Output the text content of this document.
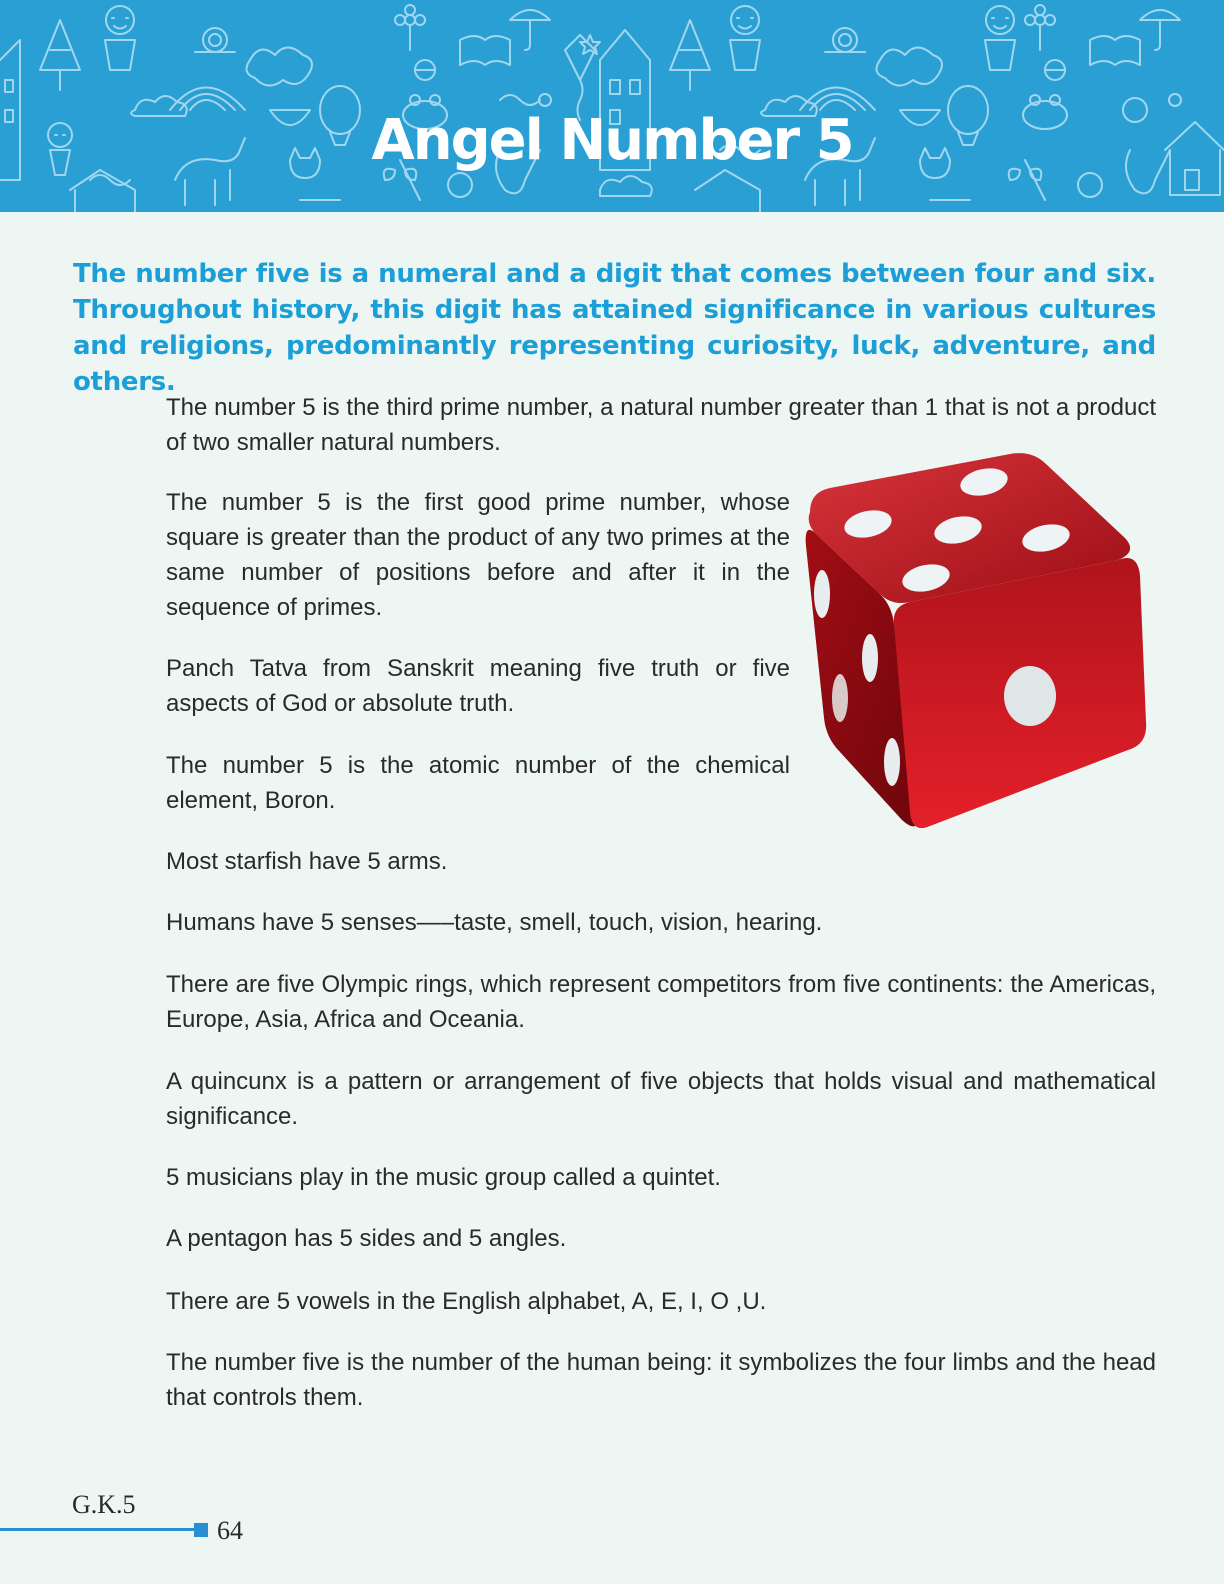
Angel Number 5
The number five is a numeral and a digit that comes between four and six. Throughout history, this digit has attained significance in various cultures and religions, predominantly representing curiosity, luck, adventure, and others.
The number 5 is the third prime number, a natural number greater than 1 that is not a product of two smaller natural numbers.
The number 5 is the first good prime number, whose square is greater than the product of any two primes at the same number of positions before and after it in the sequence of primes.
Panch Tatva from Sanskrit meaning five truth or five aspects of God or absolute truth.
The number 5 is the atomic number of the chemical element, Boron.
Most starfish have 5 arms.
Humans have 5 senses—–taste, smell, touch, vision, hearing.
There are five Olympic rings, which represent competitors from five continents: the Americas, Europe, Asia, Africa and Oceania.
A quincunx is a pattern or arrangement of five objects that holds visual and mathematical significance.
5 musicians play in the music group called a quintet.
A pentagon has 5 sides and 5 angles.
There are 5 vowels in the English alphabet, A, E, I, O ,U.
The number five is the number of the human being: it symbolizes the four limbs and the head that controls them.
G.K.5
64
